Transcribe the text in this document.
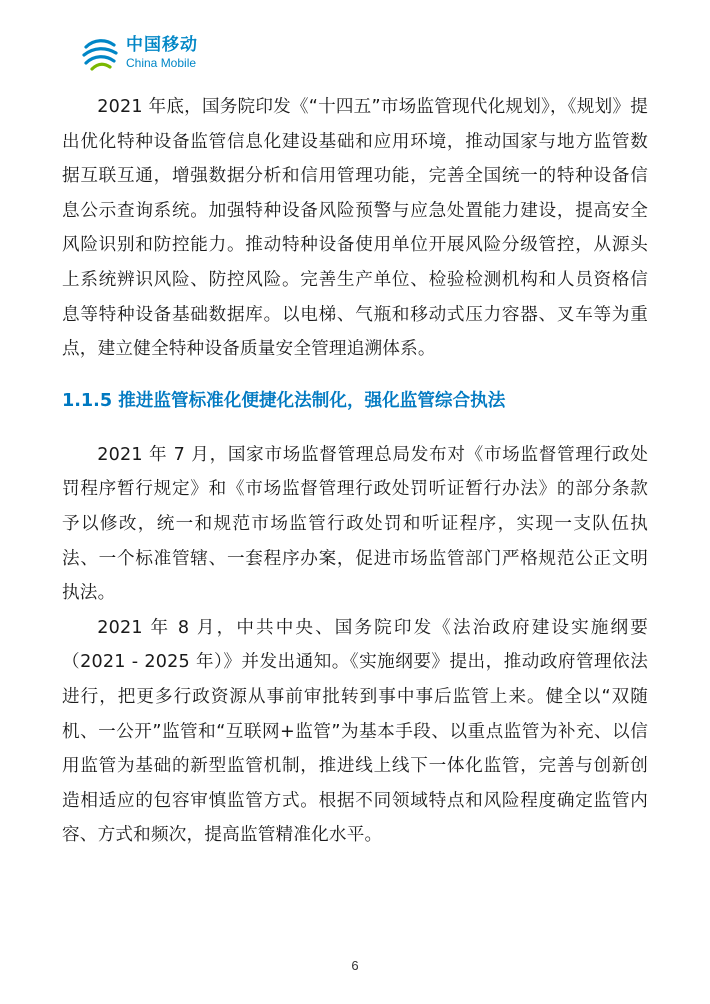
中国移动
China Mobile

2021 年底，国务院印发《“十四五”市场监管现代化规划》，《规划》提出优化特种设备监管信息化建设基础和应用环境，推动国家与地方监管数据互联互通，增强数据分析和信用管理功能，完善全国统一的特种设备信息公示查询系统。加强特种设备风险预警与应急处置能力建设，提高安全风险识别和防控能力。推动特种设备使用单位开展风险分级管控，从源头上系统辨识风险、防控风险。完善生产单位、检验检测机构和人员资格信息等特种设备基础数据库。以电梯、气瓶和移动式压力容器、叉车等为重点，建立健全特种设备质量安全管理追溯体系。

1.1.5 推进监管标准化便捷化法制化，强化监管综合执法

2021 年 7 月，国家市场监督管理总局发布对《市场监督管理行政处罚程序暂行规定》和《市场监督管理行政处罚听证暂行办法》的部分条款予以修改，统一和规范市场监管行政处罚和听证程序，实现一支队伍执法、一个标准管辖、一套程序办案，促进市场监管部门严格规范公正文明执法。

2021 年 8 月，中共中央、国务院印发《法治政府建设实施纲要（2021 - 2025 年）》并发出通知。《实施纲要》提出，推动政府管理依法进行，把更多行政资源从事前审批转到事中事后监管上来。健全以“双随机、一公开”监管和“互联网+监管”为基本手段、以重点监管为补充、以信用监管为基础的新型监管机制，推进线上线下一体化监管，完善与创新创造相适应的包容审慎监管方式。根据不同领域特点和风险程度确定监管内容、方式和频次，提高监管精准化水平。

6
